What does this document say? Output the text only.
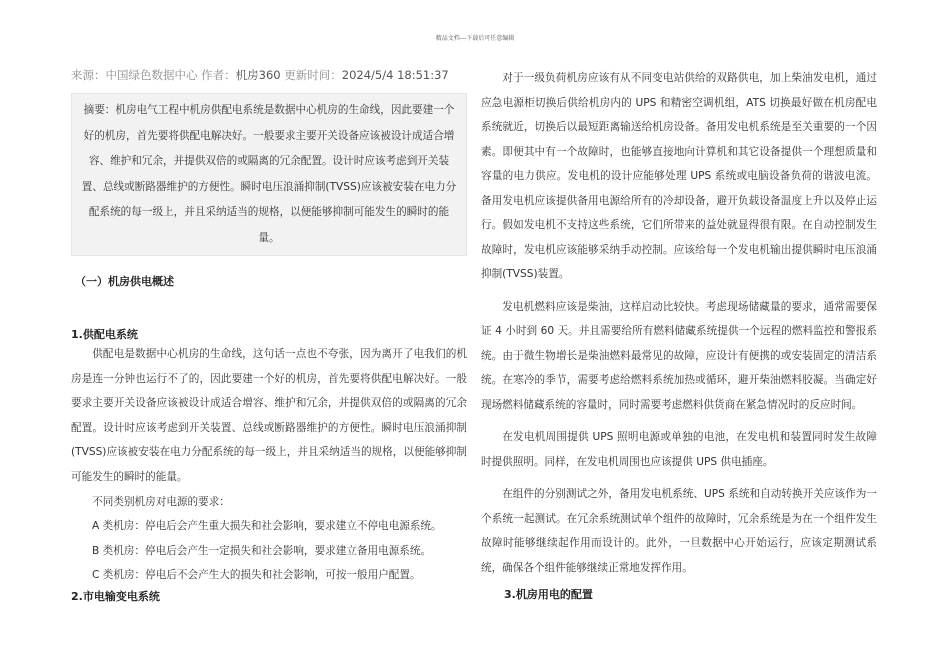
精品文档---下载后可任意编辑
来源：中国绿色数据中心 作者：机房360 更新时间：2024/5/4 18:51:37
摘要：机房电气工程中机房供配电系统是数据中心机房的生命线，因此要建一个好的机房，首先要将供配电解决好。一般要求主要开关设备应该被设计成适合增容、维护和冗余，并提供双倍的或隔离的冗余配置。设计时应该考虑到开关装置、总线或断路器维护的方便性。瞬时电压浪涌抑制(TVSS)应该被安装在电力分配系统的每一级上，并且采纳适当的规格，以便能够抑制可能发生的瞬时的能量。
（一）机房供电概述
1.供配电系统

供配电是数据中心机房的生命线，这句话一点也不夸张，因为离开了电我们的机房是连一分钟也运行不了的，因此要建一个好的机房，首先要将供配电解决好。一般要求主要开关设备应该被设计成适合增容、维护和冗余，并提供双倍的或隔离的冗余配置。设计时应该考虑到开关装置、总线或断路器维护的方便性。瞬时电压浪涌抑制(TVSS)应该被安装在电力分配系统的每一级上，并且采纳适当的规格，以便能够抑制可能发生的瞬时的能量。

不同类别机房对电源的要求：

A 类机房：停电后会产生重大损失和社会影响，要求建立不停电电源系统。
B 类机房：停电后会产生一定损失和社会影响，要求建立备用电源系统。
C 类机房：停电后不会产生大的损失和社会影响，可按一般用户配置。
2.市电输变电系统

对于一级负荷机房应该有从不同变电站供给的双路供电，加上柴油发电机，通过应急电源柜切换后供给机房内的 UPS 和精密空调机组，ATS 切换最好做在机房配电系统就近，切换后以最短距离输送给机房设备。备用发电机系统是至关重要的一个因素。即便其中有一个故障时，也能够直接地向计算机和其它设备提供一个理想质量和容量的电力供应。发电机的设计应能够处理 UPS 系统或电脑设备负荷的谐波电流。备用发电机应该提供备用电源给所有的冷却设备，避开负载设备温度上升以及停止运行。假如发电机不支持这些系统，它们所带来的益处就显得很有限。在自动控制发生故障时，发电机应该能够采纳手动控制。应该给每一个发电机输出提供瞬时电压浪涌抑制(TVSS)装置。

发电机燃料应该是柴油，这样启动比较快。考虑现场储藏量的要求，通常需要保证 4 小时到 60 天。并且需要给所有燃料储藏系统提供一个远程的燃料监控和警报系统。由于微生物增长是柴油燃料最常见的故障，应设计有便携的或安装固定的清洁系统。在寒冷的季节，需要考虑给燃料系统加热或循环，避开柴油燃料胶凝。当确定好现场燃料储藏系统的容量时，同时需要考虑燃料供货商在紧急情况时的反应时间。

在发电机周围提供 UPS 照明电源或单独的电池，在发电机和装置同时发生故障时提供照明。同样，在发电机周围也应该提供 UPS 供电插座。

在组件的分别测试之外，备用发电机系统、UPS 系统和自动转换开关应该作为一个系统一起测试。在冗余系统测试单个组件的故障时，冗余系统是为在一个组件发生故障时能够继续起作用而设计的。此外，一旦数据中心开始运行，应该定期测试系统，确保各个组件能够继续正常地发挥作用。

3.机房用电的配置
